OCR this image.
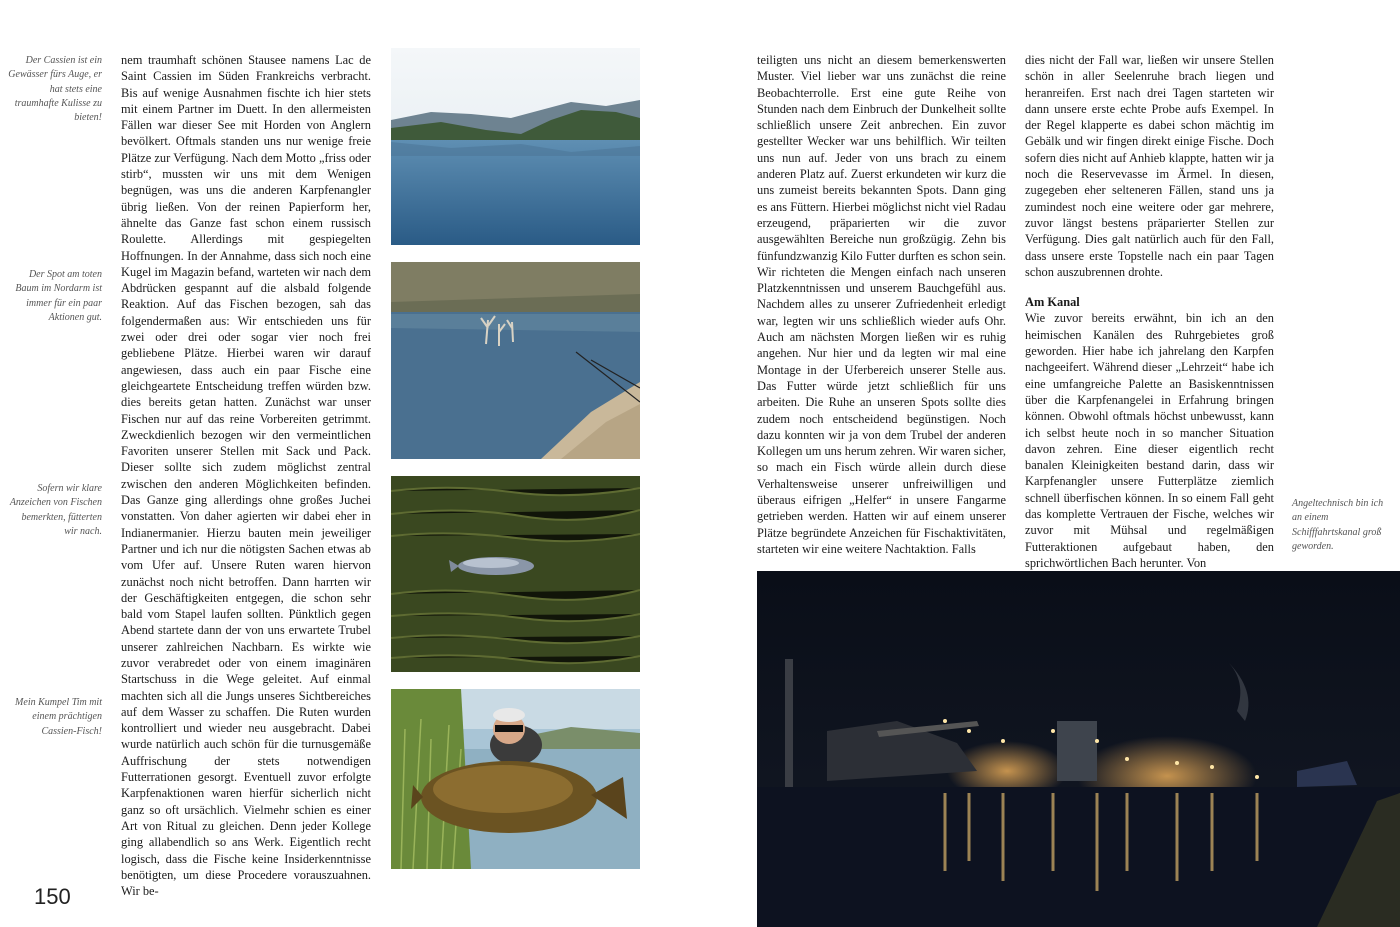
Der Cassien ist ein Gewässer fürs Auge, er hat stets eine traumhafte Kulisse zu bieten!
Der Spot am toten Baum im Nordarm ist immer für ein paar Aktionen gut.
Sofern wir klare Anzeichen von Fischen bemerkten, fütterten wir nach.
Mein Kumpel Tim mit einem prächtigen Cassien-Fisch!

nem traumhaft schönen Stausee namens Lac de Saint Cassien im Süden Frankreichs verbracht. Bis auf wenige Ausnahmen fischte ich hier stets mit einem Partner im Duett. In den allermeisten Fällen war dieser See mit Horden von Anglern bevölkert. Oftmals standen uns nur wenige freie Plätze zur Verfügung. Nach dem Motto „friss oder stirb“, mussten wir uns mit dem Wenigen begnügen, was uns die anderen Karpfenangler übrig ließen. Von der reinen Papierform her, ähnelte das Ganze fast schon einem russisch Roulette. Allerdings mit gespiegelten Hoffnungen. In der Annahme, dass sich noch eine Kugel im Magazin befand, warteten wir nach dem Abdrücken gespannt auf die alsbald folgende Reaktion. Auf das Fischen bezogen, sah das folgendermaßen aus: Wir entschieden uns für zwei oder drei oder sogar vier noch frei gebliebene Plätze. Hierbei waren wir darauf angewiesen, dass auch ein paar Fische eine gleichgeartete Entscheidung treffen würden bzw. dies bereits getan hatten. Zunächst war unser Fischen nur auf das reine Vorbereiten getrimmt. Zweckdienlich bezogen wir den vermeintlichen Favoriten unserer Stellen mit Sack und Pack. Dieser sollte sich zudem möglichst zentral zwischen den anderen Möglichkeiten befinden. Das Ganze ging allerdings ohne großes Juchei vonstatten. Von daher agierten wir dabei eher in Indianermanier. Hierzu bauten mein jeweiliger Partner und ich nur die nötigsten Sachen etwas ab vom Ufer auf. Unsere Ruten waren hiervon zunächst noch nicht betroffen. Dann harrten wir der Geschäftigkeiten entgegen, die schon sehr bald vom Stapel laufen sollten. Pünktlich gegen Abend startete dann der von uns erwartete Trubel unserer zahlreichen Nachbarn. Es wirkte wie zuvor verabredet oder von einem imaginären Startschuss in die Wege geleitet. Auf einmal machten sich all die Jungs unseres Sichtbereiches auf dem Wasser zu schaffen. Die Ruten wurden kontrolliert und wieder neu ausgebracht. Dabei wurde natürlich auch schön für die turnusgemäße Auffrischung der stets notwendigen Futterrationen gesorgt. Eventuell zuvor erfolgte Karpfenaktionen waren hierfür sicherlich nicht ganz so oft ursächlich. Vielmehr schien es einer Art von Ritual zu gleichen. Denn jeder Kollege ging allabendlich so ans Werk. Eigentlich recht logisch, dass die Fische keine Insiderkenntnisse benötigten, um diese Procedere vorauszuahnen. Wir be-

150

teiligten uns nicht an diesem bemerkenswerten Muster. Viel lieber war uns zunächst die reine Beobachterrolle. Erst eine gute Reihe von Stunden nach dem Einbruch der Dunkelheit sollte schließlich unsere Zeit anbrechen. Ein zuvor gestellter Wecker war uns behilflich. Wir teilten uns nun auf. Jeder von uns brach zu einem anderen Platz auf. Zuerst erkundeten wir kurz die uns zumeist bereits bekannten Spots. Dann ging es ans Füttern. Hierbei möglichst nicht viel Radau erzeugend, präparierten wir die zuvor ausgewählten Bereiche nun großzügig. Zehn bis fünfundzwanzig Kilo Futter durften es schon sein. Wir richteten die Mengen einfach nach unseren Platzkenntnissen und unserem Bauchgefühl aus. Nachdem alles zu unserer Zufriedenheit erledigt war, legten wir uns schließlich wieder aufs Ohr. Auch am nächsten Morgen ließen wir es ruhig angehen. Nur hier und da legten wir mal eine Montage in der Uferbereich unserer Stelle aus. Das Futter würde jetzt schließlich für uns arbeiten. Die Ruhe an unseren Spots sollte dies zudem noch entscheidend begünstigen. Noch dazu konnten wir ja von dem Trubel der anderen Kollegen um uns herum zehren. Wir waren sicher, so mach ein Fisch würde allein durch diese Verhaltensweise unserer unfreiwilligen und überaus eifrigen „Helfer“ in unsere Fangarme getrieben werden. Hatten wir auf einem unserer Plätze begründete Anzeichen für Fischaktivitäten, starteten wir eine weitere Nachtaktion. Falls

dies nicht der Fall war, ließen wir unsere Stellen schön in aller Seelenruhe brach liegen und heranreifen. Erst nach drei Tagen starteten wir dann unsere erste echte Probe aufs Exempel. In der Regel klapperte es dabei schon mächtig im Gebälk und wir fingen direkt einige Fische. Doch sofern dies nicht auf Anhieb klappte, hatten wir ja noch die Reservevasse im Ärmel. In diesen, zugegeben eher selteneren Fällen, stand uns ja zumindest noch eine weitere oder gar mehrere, zuvor längst bestens präparierter Stellen zur Verfügung. Dies galt natürlich auch für den Fall, dass unsere erste Topstelle nach ein paar Tagen schon auszubrennen drohte.

Am Kanal

Wie zuvor bereits erwähnt, bin ich an den heimischen Kanälen des Ruhrgebietes groß geworden. Hier habe ich jahrelang den Karpfen nachgeeifert. Während dieser „Lehrzeit“ habe ich eine umfangreiche Palette an Basiskenntnissen über die Karpfenangelei in Erfahrung bringen können. Obwohl oftmals höchst unbewusst, kann ich selbst heute noch in so mancher Situation davon zehren. Eine dieser eigentlich recht banalen Kleinigkeiten bestand darin, dass wir Karpfenangler unsere Futterplätze ziemlich schnell überfischen können. In so einem Fall geht das komplette Vertrauen der Fische, welches wir zuvor mit Mühsal und regelmäßigen Futteraktionen aufgebaut haben, den sprichwörtlichen Bach herunter. Von

Angeltechnisch bin ich an einem Schifffahrtskanal groß geworden.
